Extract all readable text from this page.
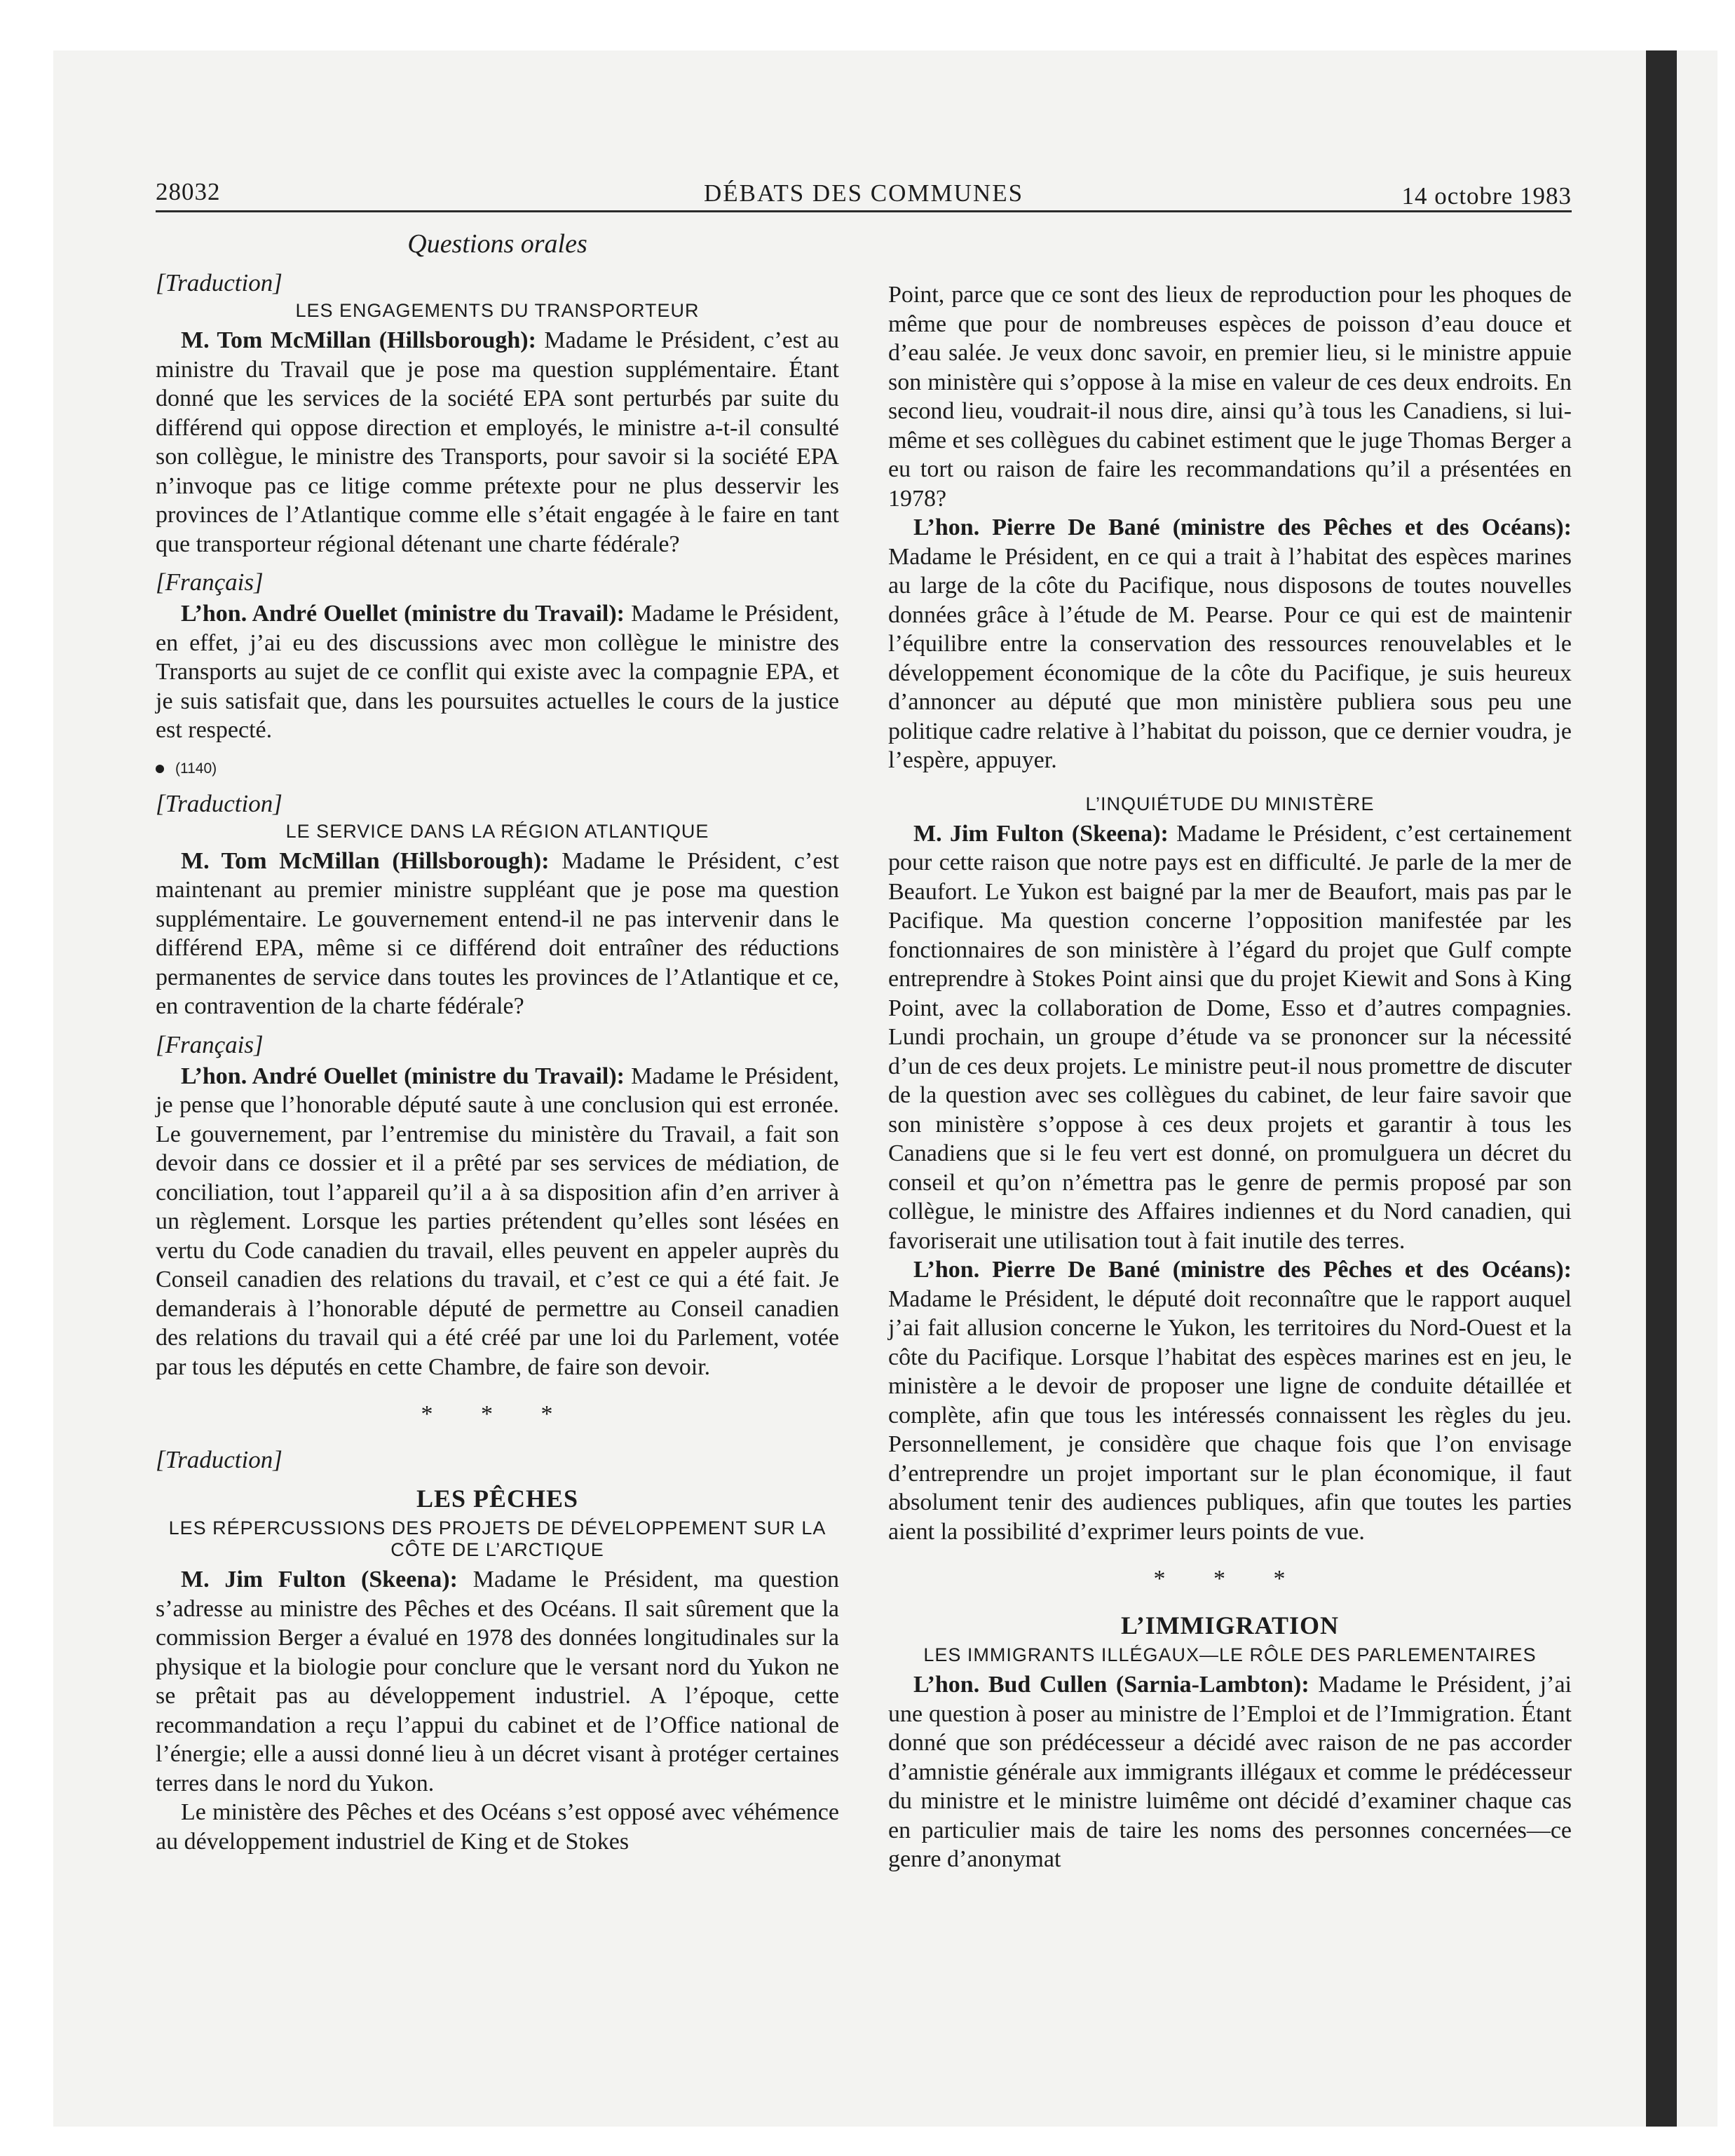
28032	DÉBATS DES COMMUNES	14 octobre 1983
Questions orales
[Traduction]
LES ENGAGEMENTS DU TRANSPORTEUR

M. Tom McMillan (Hillsborough): Madame le Président, c’est au ministre du Travail que je pose ma question supplémentaire. Étant donné que les services de la société EPA sont perturbés par suite du différend qui oppose direction et employés, le ministre a-t-il consulté son collègue, le ministre des Transports, pour savoir si la société EPA n’invoque pas ce litige comme prétexte pour ne plus desservir les provinces de l’Atlantique comme elle s’était engagée à le faire en tant que transporteur régional détenant une charte fédérale?

[Français]

L’hon. André Ouellet (ministre du Travail): Madame le Président, en effet, j’ai eu des discussions avec mon collègue le ministre des Transports au sujet de ce conflit qui existe avec la compagnie EPA, et je suis satisfait que, dans les poursuites actuelles le cours de la justice est respecté.

(1140)
[Traduction]
LE SERVICE DANS LA RÉGION ATLANTIQUE

M. Tom McMillan (Hillsborough): Madame le Président, c’est maintenant au premier ministre suppléant que je pose ma question supplémentaire. Le gouvernement entend-il ne pas intervenir dans le différend EPA, même si ce différend doit entraîner des réductions permanentes de service dans toutes les provinces de l’Atlantique et ce, en contravention de la charte fédérale?

[Français]

L’hon. André Ouellet (ministre du Travail): Madame le Président, je pense que l’honorable député saute à une conclusion qui est erronée. Le gouvernement, par l’entremise du ministère du Travail, a fait son devoir dans ce dossier et il a prêté par ses services de médiation, de conciliation, tout l’appareil qu’il a à sa disposition afin d’en arriver à un règlement. Lorsque les parties prétendent qu’elles sont lésées en vertu du Code canadien du travail, elles peuvent en appeler auprès du Conseil canadien des relations du travail, et c’est ce qui a été fait. Je demanderais à l’honorable député de permettre au Conseil canadien des relations du travail qui a été créé par une loi du Parlement, votée par tous les députés en cette Chambre, de faire son devoir.

* * *
[Traduction]
LES PÊCHES
LES RÉPERCUSSIONS DES PROJETS DE DÉVELOPPEMENT SUR LA CÔTE DE L’ARCTIQUE

M. Jim Fulton (Skeena): Madame le Président, ma question s’adresse au ministre des Pêches et des Océans. Il sait sûrement que la commission Berger a évalué en 1978 des données longitudinales sur la physique et la biologie pour conclure que le versant nord du Yukon ne se prêtait pas au développement industriel. A l’époque, cette recommandation a reçu l’appui du cabinet et de l’Office national de l’énergie; elle a aussi donné lieu à un décret visant à protéger certaines terres dans le nord du Yukon.

Le ministère des Pêches et des Océans s’est opposé avec véhémence au développement industriel de King et de Stokes

Point, parce que ce sont des lieux de reproduction pour les phoques de même que pour de nombreuses espèces de poisson d’eau douce et d’eau salée. Je veux donc savoir, en premier lieu, si le ministre appuie son ministère qui s’oppose à la mise en valeur de ces deux endroits. En second lieu, voudrait-il nous dire, ainsi qu’à tous les Canadiens, si lui-même et ses collègues du cabinet estiment que le juge Thomas Berger a eu tort ou raison de faire les recommandations qu’il a présentées en 1978?

L’hon. Pierre De Bané (ministre des Pêches et des Océans): Madame le Président, en ce qui a trait à l’habitat des espèces marines au large de la côte du Pacifique, nous disposons de toutes nouvelles données grâce à l’étude de M. Pearse. Pour ce qui est de maintenir l’équilibre entre la conservation des ressources renouvelables et le développement économique de la côte du Pacifique, je suis heureux d’annoncer au député que mon ministère publiera sous peu une politique cadre relative à l’habitat du poisson, que ce dernier voudra, je l’espère, appuyer.

L’INQUIÉTUDE DU MINISTÈRE

M. Jim Fulton (Skeena): Madame le Président, c’est certainement pour cette raison que notre pays est en difficulté. Je parle de la mer de Beaufort. Le Yukon est baigné par la mer de Beaufort, mais pas par le Pacifique. Ma question concerne l’opposition manifestée par les fonctionnaires de son ministère à l’égard du projet que Gulf compte entreprendre à Stokes Point ainsi que du projet Kiewit and Sons à King Point, avec la collaboration de Dome, Esso et d’autres compagnies. Lundi prochain, un groupe d’étude va se prononcer sur la nécessité d’un de ces deux projets. Le ministre peut-il nous promettre de discuter de la question avec ses collègues du cabinet, de leur faire savoir que son ministère s’oppose à ces deux projets et garantir à tous les Canadiens que si le feu vert est donné, on promulguera un décret du conseil et qu’on n’émettra pas le genre de permis proposé par son collègue, le ministre des Affaires indiennes et du Nord canadien, qui favoriserait une utilisation tout à fait inutile des terres.

L’hon. Pierre De Bané (ministre des Pêches et des Océans): Madame le Président, le député doit reconnaître que le rapport auquel j’ai fait allusion concerne le Yukon, les territoires du Nord-Ouest et la côte du Pacifique. Lorsque l’habitat des espèces marines est en jeu, le ministère a le devoir de proposer une ligne de conduite détaillée et complète, afin que tous les intéressés connaissent les règles du jeu. Personnellement, je considère que chaque fois que l’on envisage d’entreprendre un projet important sur le plan économique, il faut absolument tenir des audiences publiques, afin que toutes les parties aient la possibilité d’exprimer leurs points de vue.

* * *
L’IMMIGRATION
LES IMMIGRANTS ILLÉGAUX—LE RÔLE DES PARLEMENTAIRES

L’hon. Bud Cullen (Sarnia-Lambton): Madame le Président, j’ai une question à poser au ministre de l’Emploi et de l’Immigration. Étant donné que son prédécesseur a décidé avec raison de ne pas accorder d’amnistie générale aux immigrants illégaux et comme le prédécesseur du ministre et le ministre luimême ont décidé d’examiner chaque cas en particulier mais de taire les noms des personnes concernées—ce genre d’anonymat
